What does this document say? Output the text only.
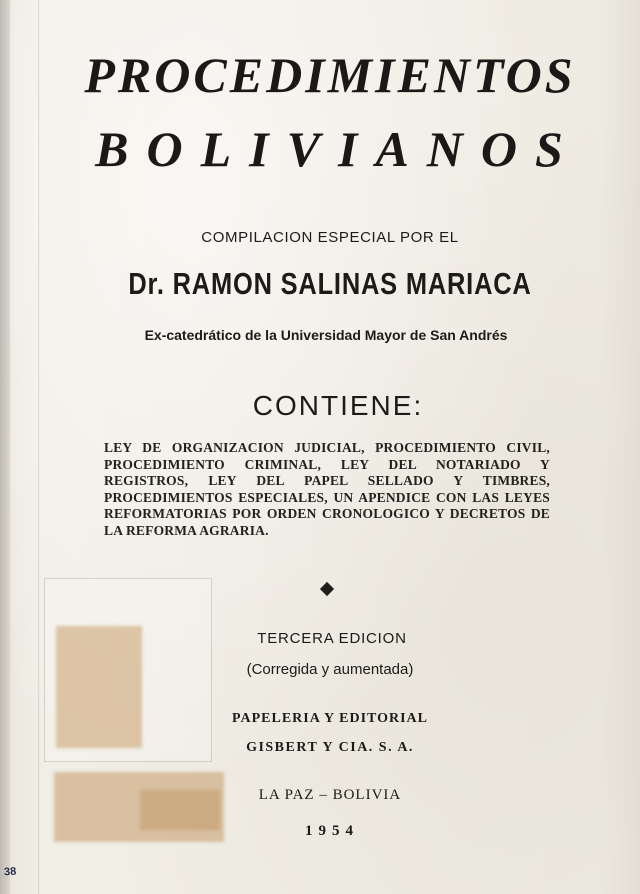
PROCEDIMIENTOS
BOLIVIANOS
COMPILACION ESPECIAL POR EL
Dr. RAMON SALINAS MARIACA
Ex-catedrático de la Universidad Mayor de San Andrés
CONTIENE:
LEY DE ORGANIZACION JUDICIAL, PROCEDIMIENTO CIVIL, PROCEDIMIENTO CRIMINAL, LEY DEL NOTARIADO Y REGISTROS, LEY DEL PAPEL SELLADO Y TIMBRES, PROCEDIMIENTOS ESPECIALES, UN APENDICE CON LAS LEYES REFORMATORIAS POR ORDEN CRONOLOGICO Y DECRETOS DE LA REFORMA AGRARIA.
TERCERA EDICION
(Corregida y aumentada)
PAPELERIA Y EDITORIAL
GISBERT Y CIA. S. A.
LA PAZ – BOLIVIA
1954
38
